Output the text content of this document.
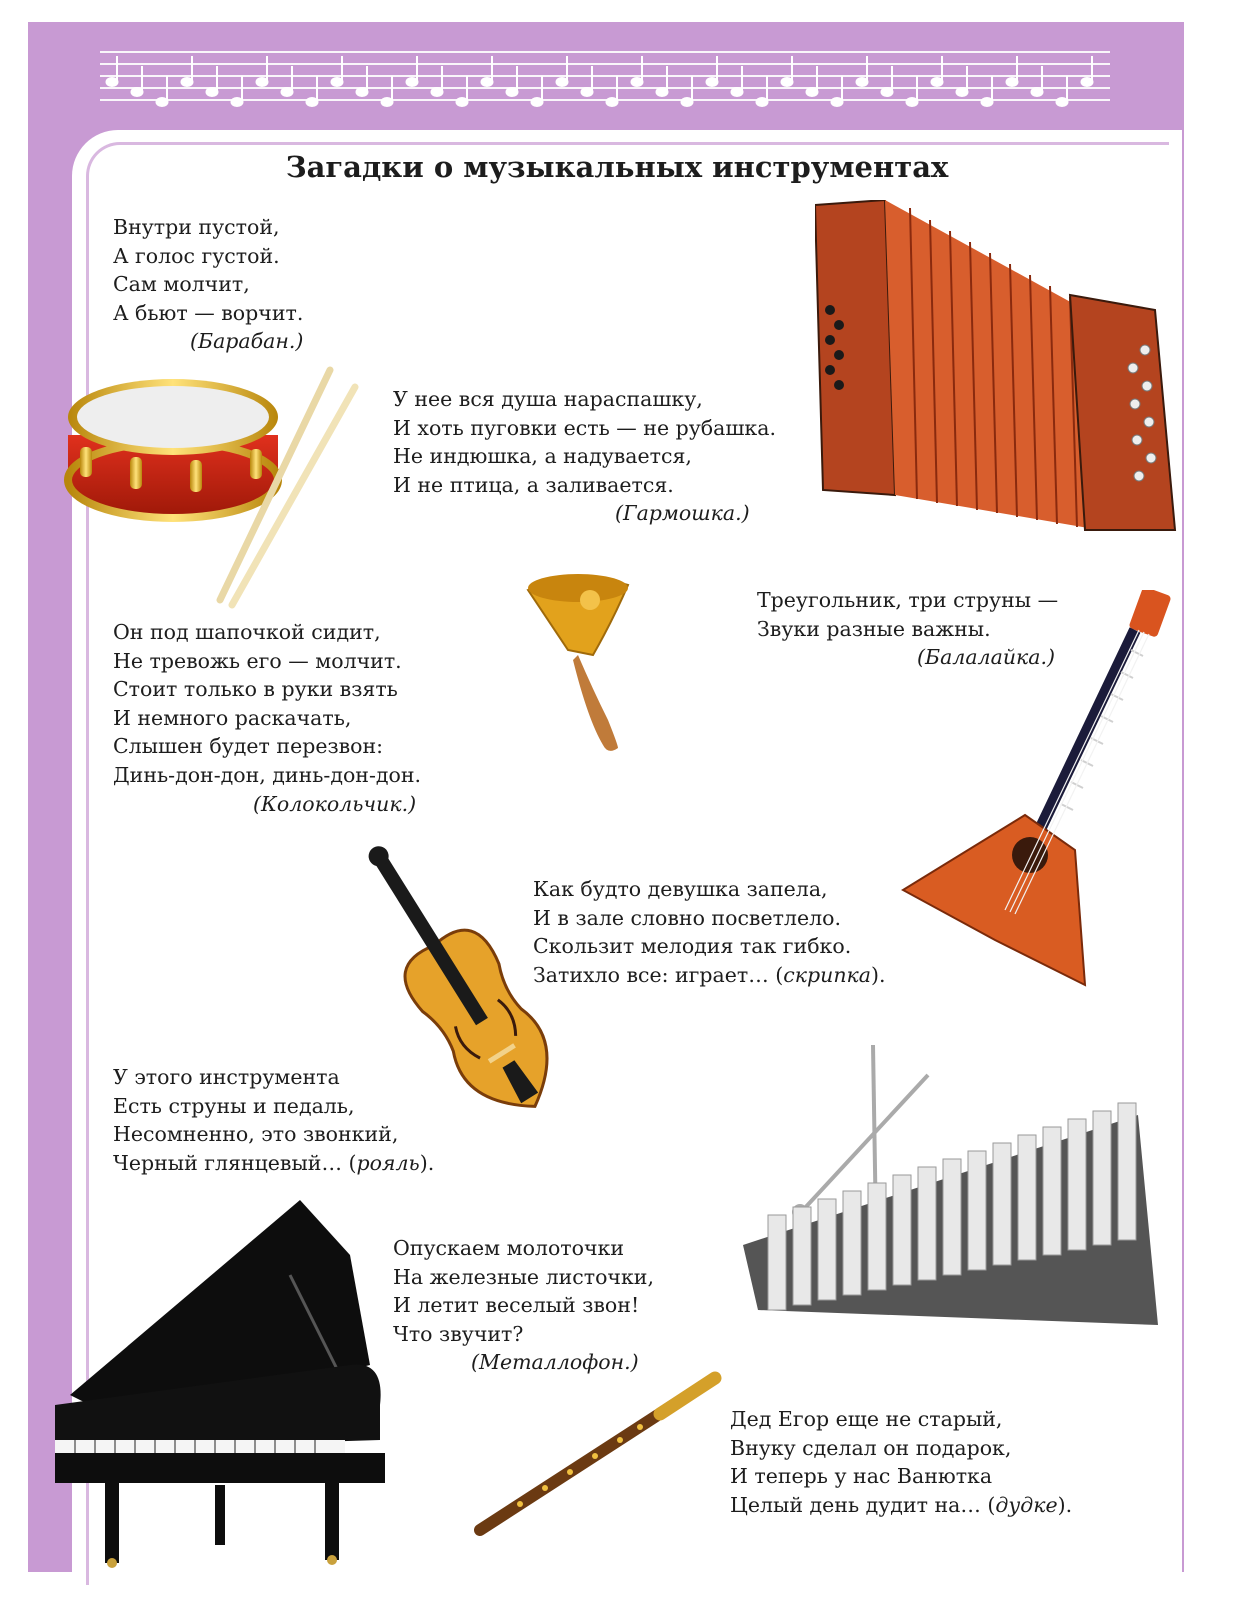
Загадки о музыкальных инструментах
Внутри пустой,
А голос густой.
Сам молчит,
А бьют — ворчит.
(Барабан.)
У нее вся душа нараспашку,
И хоть пуговки есть — не рубашка.
Не индюшка, а надувается,
И не птица, а заливается.
(Гармошка.)
Треугольник, три струны —
Звуки разные важны.
(Балалайка.)
Он под шапочкой сидит,
Не тревожь его — молчит.
Стоит только в руки взять
И немного раскачать,
Слышен будет перезвон:
Динь-дон-дон, динь-дон-дон.
(Колокольчик.)
Как будто девушка запела,
И в зале словно посветлело.
Скользит мелодия так гибко.
Затихло все: играет… (скрипка).
У этого инструмента
Есть струны и педаль,
Несомненно, это звонкий,
Черный глянцевый… (рояль).
Опускаем молоточки
На железные листочки,
И летит веселый звон!
Что звучит?
(Металлофон.)
Дед Егор еще не старый,
Внуку сделал он подарок,
И теперь у нас Ванютка
Целый день дудит на… (дудке).
